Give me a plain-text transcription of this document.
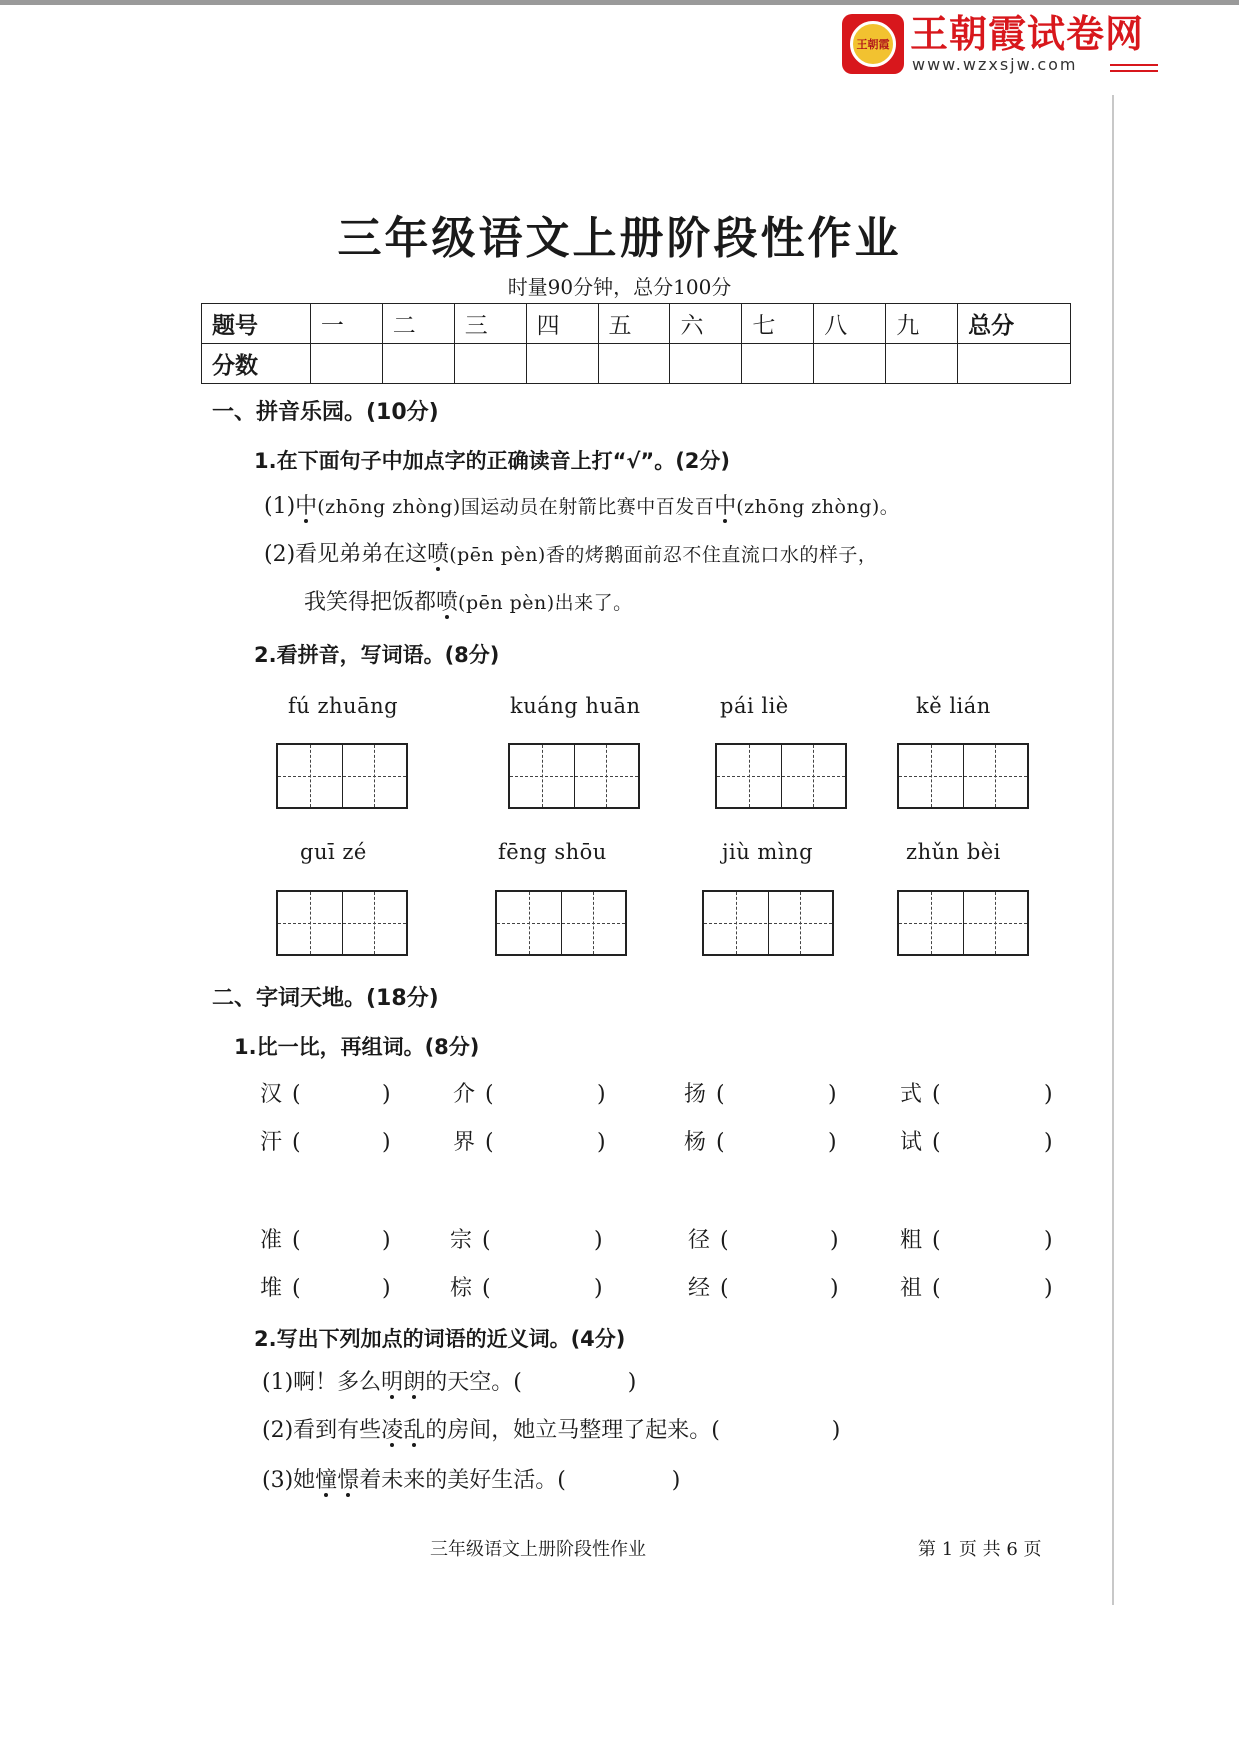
王朝霞 王朝霞试卷网
www.wzxsjw.com
三年级语文上册阶段性作业
时量90分钟，总分100分
题号	一	二	三	四	五	六	七	八	九	总分
分数										
一、拼音乐园。(10分)
1.在下面句子中加点字的正确读音上打“√”。(2分)
(1)中(zhōng zhòng)国运动员在射箭比赛中百发百中(zhōng zhòng)。
(2)看见弟弟在这喷(pēn pèn)香的烤鹅面前忍不住直流口水的样子，
我笑得把饭都喷(pēn pèn)出来了。
2.看拼音，写词语。(8分)
fú zhuāng	kuáng huān	pái liè	kě lián
guī zé	fēng shōu	jiù mìng	zhǔn bèi
二、字词天地。(18分)
1.比一比，再组词。(8分)
汉 (	)	介 (	)	扬 (	)	式 (	)
汗 (	)	界 (	)	杨 (	)	试 (	)
准 (	)	宗 (	)	径 (	)	粗 (	)
堆 (	)	棕 (	)	经 (	)	祖 (	)
2.写出下列加点的词语的近义词。(4分)
(1)啊！多么明朗的天空。(	)
(2)看到有些凌乱的房间，她立马整理了起来。(	)
(3)她憧憬着未来的美好生活。(	)
三年级语文上册阶段性作业	第 1 页 共 6 页
